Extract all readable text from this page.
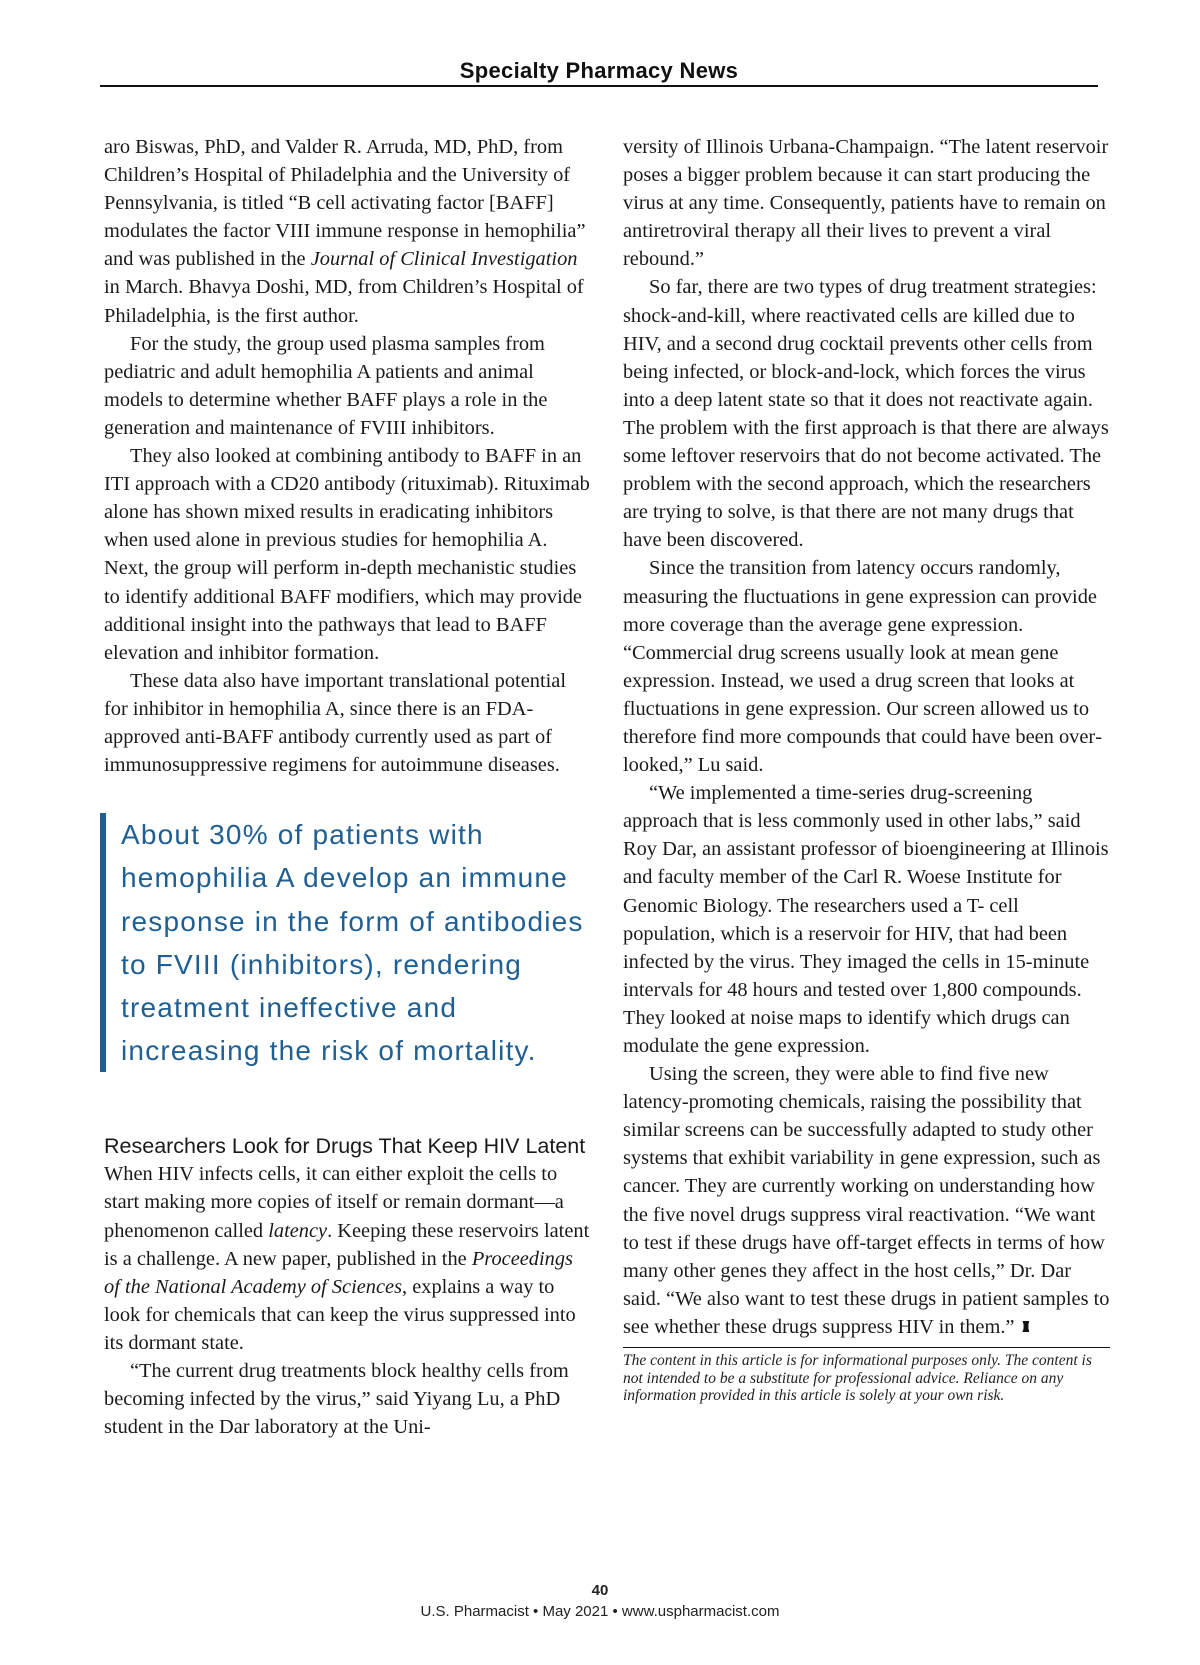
Specialty Pharmacy News

aro Biswas, PhD, and Valder R. Arruda, MD, PhD, from Children’s Hospital of Philadelphia and the University of Pennsylvania, is titled “B cell activating factor [BAFF] modulates the factor VIII immune response in hemophilia” and was published in the Journal of Clinical Investigation in March. Bhavya Doshi, MD, from Children’s Hospital of Philadelphia, is the first author.

For the study, the group used plasma samples from pediatric and adult hemophilia A patients and animal models to determine whether BAFF plays a role in the generation and maintenance of FVIII inhibitors.

They also looked at combining antibody to BAFF in an ITI approach with a CD20 antibody (rituximab). Rituximab alone has shown mixed results in eradicating inhibitors when used alone in previous studies for hemophilia A. Next, the group will perform in-depth mechanistic studies to identify additional BAFF modifiers, which may provide additional insight into the pathways that lead to BAFF elevation and inhibitor formation.

These data also have important translational potential for inhibitor in hemophilia A, since there is an FDA-approved anti-BAFF antibody currently used as part of immunosuppressive regimens for autoimmune diseases.

About 30% of patients with hemophilia A develop an immune response in the form of antibodies to FVIII (inhibitors), rendering treatment ineffective and increasing the risk of mortality.
Researchers Look for Drugs That Keep HIV Latent

When HIV infects cells, it can either exploit the cells to start making more copies of itself or remain dormant—a phenomenon called latency. Keeping these reservoirs latent is a challenge. A new paper, published in the Proceedings of the National Academy of Sciences, explains a way to look for chemicals that can keep the virus suppressed into its dormant state.

“The current drug treatments block healthy cells from becoming infected by the virus,” said Yiyang Lu, a PhD student in the Dar laboratory at the Uni-

versity of Illinois Urbana-Champaign. “The latent reservoir poses a bigger problem because it can start producing the virus at any time. Consequently, patients have to remain on antiretroviral therapy all their lives to prevent a viral rebound.”

So far, there are two types of drug treatment strategies: shock-and-kill, where reactivated cells are killed due to HIV, and a second drug cocktail prevents other cells from being infected, or block-and-lock, which forces the virus into a deep latent state so that it does not reactivate again. The problem with the first approach is that there are always some leftover reservoirs that do not become activated. The problem with the second approach, which the researchers are trying to solve, is that there are not many drugs that have been discovered.

Since the transition from latency occurs randomly, measuring the fluctuations in gene expression can provide more coverage than the average gene expression. “Commercial drug screens usually look at mean gene expression. Instead, we used a drug screen that looks at fluctuations in gene expression. Our screen allowed us to therefore find more compounds that could have been overlooked,” Lu said.

“We implemented a time-series drug-screening approach that is less commonly used in other labs,” said Roy Dar, an assistant professor of bioengineering at Illinois and faculty member of the Carl R. Woese Institute for Genomic Biology. The researchers used a T- cell population, which is a reservoir for HIV, that had been infected by the virus. They imaged the cells in 15-minute intervals for 48 hours and tested over 1,800 compounds. They looked at noise maps to identify which drugs can modulate the gene expression.

Using the screen, they were able to find five new latency-promoting chemicals, raising the possibility that similar screens can be successfully adapted to study other systems that exhibit variability in gene expression, such as cancer. They are currently working on understanding how the five novel drugs suppress viral reactivation. “We want to test if these drugs have off-target effects in terms of how many other genes they affect in the host cells,” Dr. Dar said. “We also want to test these drugs in patient samples to see whether these drugs suppress HIV in them.”

The content in this article is for informational purposes only. The content is not intended to be a substitute for professional advice. Reliance on any information provided in this article is solely at your own risk.
40
U.S. Pharmacist • May 2021 • www.uspharmacist.com
